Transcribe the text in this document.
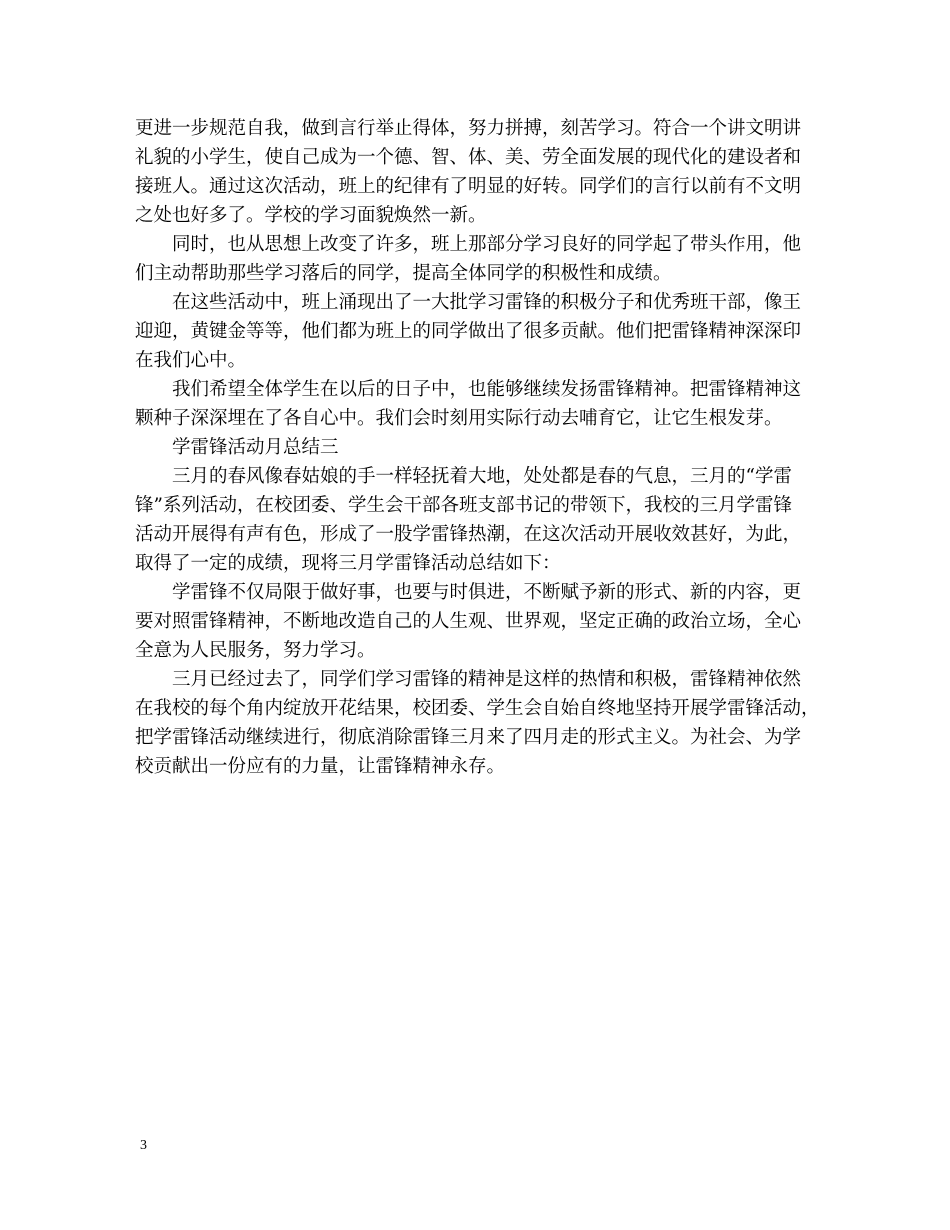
更进一步规范自我，做到言行举止得体，努力拼搏，刻苦学习。符合一个讲文明讲
礼貌的小学生，使自己成为一个德、智、体、美、劳全面发展的现代化的建设者和
接班人。通过这次活动，班上的纪律有了明显的好转。同学们的言行以前有不文明
之处也好多了。学校的学习面貌焕然一新。
同时，也从思想上改变了许多，班上那部分学习良好的同学起了带头作用，他
们主动帮助那些学习落后的同学，提高全体同学的积极性和成绩。
在这些活动中，班上涌现出了一大批学习雷锋的积极分子和优秀班干部，像王
迎迎，黄键金等等，他们都为班上的同学做出了很多贡献。他们把雷锋精神深深印
在我们心中。
我们希望全体学生在以后的日子中，也能够继续发扬雷锋精神。把雷锋精神这
颗种子深深埋在了各自心中。我们会时刻用实际行动去哺育它，让它生根发芽。
学雷锋活动月总结三
三月的春风像春姑娘的手一样轻抚着大地，处处都是春的气息，三月的“学雷
锋”系列活动，在校团委、学生会干部各班支部书记的带领下，我校的三月学雷锋
活动开展得有声有色，形成了一股学雷锋热潮，在这次活动开展收效甚好，为此，
取得了一定的成绩，现将三月学雷锋活动总结如下：
学雷锋不仅局限于做好事，也要与时俱进，不断赋予新的形式、新的内容，更
要对照雷锋精神，不断地改造自己的人生观、世界观，坚定正确的政治立场，全心
全意为人民服务，努力学习。
三月已经过去了，同学们学习雷锋的精神是这样的热情和积极，雷锋精神依然
在我校的每个角内绽放开花结果，校团委、学生会自始自终地坚持开展学雷锋活动，
把学雷锋活动继续进行，彻底消除雷锋三月来了四月走的形式主义。为社会、为学
校贡献出一份应有的力量，让雷锋精神永存。
3
